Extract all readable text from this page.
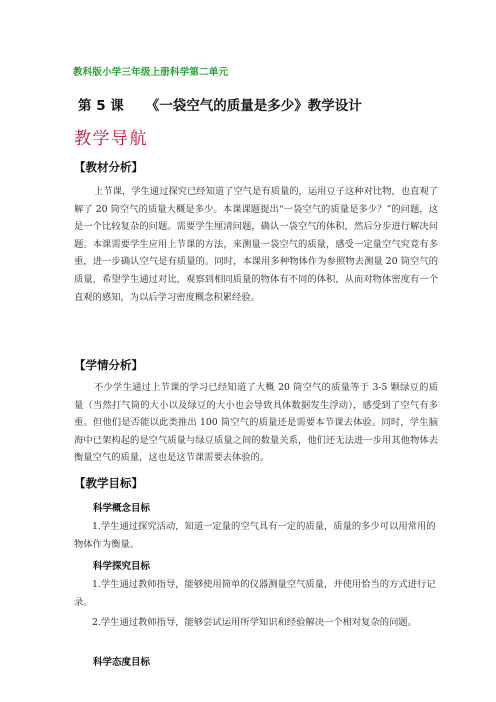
教科版小学三年级上册科学第二单元
第 5 课 《一袋空气的质量是多少》教学设计
教学导航
【教材分析】

上节课，学生通过探究已经知道了空气是有质量的，运用豆子这种对比物，也直观了解了 20 筒空气的质量大概是多少。本课课题提出“一袋空气的质量是多少？”的问题，这是一个比较复杂的问题。需要学生厘清问题，确认一袋空气的体积，然后分步进行解决问题。本课需要学生应用上节课的方法，来测量一袋空气的质量，感受一定量空气究竟有多重，进一步确认空气是有质量的。同时，本课用多种物体作为参照物去测量 20 筒空气的质量，希望学生通过对比，观察到相同质量的物体有不同的体积，从而对物体密度有一个直观的感知，为以后学习密度概念积累经验。

【学情分析】

不少学生通过上节课的学习已经知道了大概 20 筒空气的质量等于 3-5 颗绿豆的质量（当然打气筒的大小以及绿豆的大小也会导致具体数据发生浮动），感受到了空气有多重。但他们是否能以此类推出 100 筒空气的质量还是需要本节课去体验。同时，学生脑海中已架构起的是空气质量与绿豆质量之间的数量关系，他们还无法进一步用其他物体去衡量空气的质量，这也是这节课需要去体验的。

【教学目标】
科学概念目标

1.学生通过探究活动，知道一定量的空气具有一定的质量，质量的多少可以用常用的物体作为衡量。

科学探究目标

1.学生通过教师指导，能够使用简单的仪器测量空气质量，并使用恰当的方式进行记录。

2.学生通过教师指导，能够尝试运用所学知识和经验解决一个相对复杂的问题。

科学态度目标
